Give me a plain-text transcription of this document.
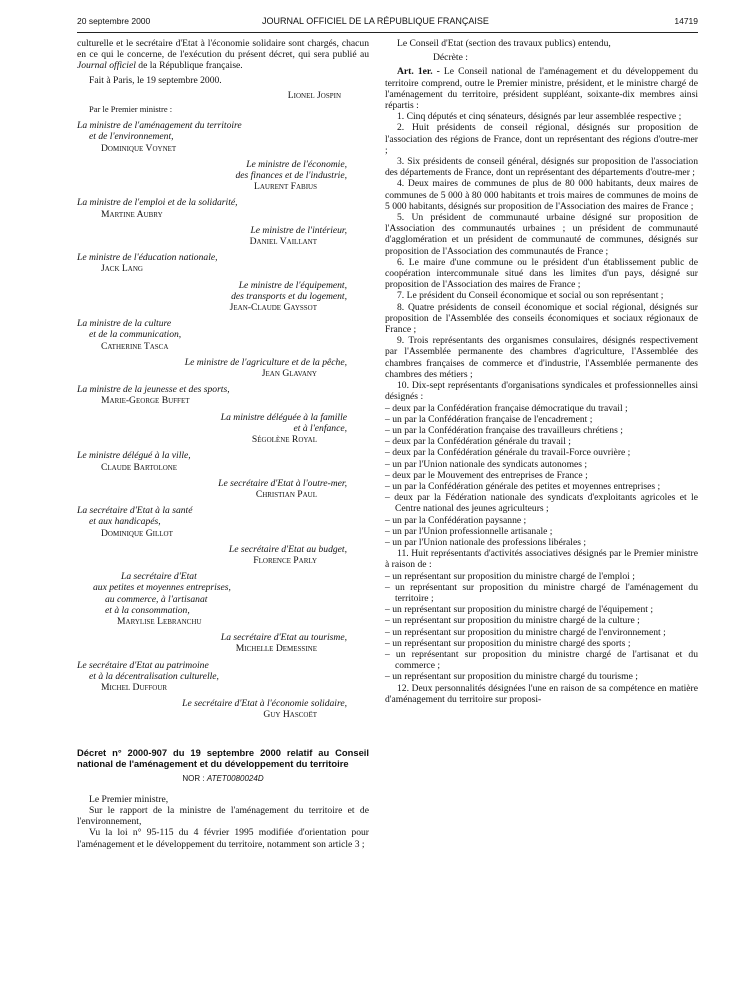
20 septembre 2000	JOURNAL OFFICIEL DE LA RÉPUBLIQUE FRANÇAISE	14719

culturelle et le secrétaire d'Etat à l'économie solidaire sont chargés, chacun en ce qui le concerne, de l'exécution du présent décret, qui sera publié au Journal officiel de la République française.

Fait à Paris, le 19 septembre 2000.

Lionel Jospin

Par le Premier ministre :

La ministre de l'aménagement du territoire
et de l'environnement,
Dominique Voynet
Le ministre de l'économie,
des finances et de l'industrie,
Laurent Fabius
La ministre de l'emploi et de la solidarité,
Martine Aubry
Le ministre de l'intérieur,
Daniel Vaillant
Le ministre de l'éducation nationale,
Jack Lang
Le ministre de l'équipement,
des transports et du logement,
Jean-Claude Gayssot
La ministre de la culture
et de la communication,
Catherine Tasca
Le ministre de l'agriculture et de la pêche,
Jean Glavany
La ministre de la jeunesse et des sports,
Marie-George Buffet
La ministre déléguée à la famille
et à l'enfance,
Ségolène Royal
Le ministre délégué à la ville,
Claude Bartolone
Le secrétaire d'Etat à l'outre-mer,
Christian Paul
La secrétaire d'Etat à la santé
et aux handicapés,
Dominique Gillot
Le secrétaire d'Etat au budget,
Florence Parly
La secrétaire d'Etat
aux petites et moyennes entreprises,
au commerce, à l'artisanat
et à la consommation,
Marylise Lebranchu
La secrétaire d'Etat au tourisme,
Michelle Demessine
Le secrétaire d'Etat au patrimoine
et à la décentralisation culturelle,
Michel Duffour
Le secrétaire d'Etat à l'économie solidaire,
Guy Hascoët

Décret n° 2000-907 du 19 septembre 2000 relatif au Conseil national de l'aménagement et du développement du territoire

NOR : ATET0080024D

Le Premier ministre,

Sur le rapport de la ministre de l'aménagement du territoire et de l'environnement,

Vu la loi n° 95-115 du 4 février 1995 modifiée d'orientation pour l'aménagement et le développement du territoire, notamment son article 3 ;

Le Conseil d'Etat (section des travaux publics) entendu,

Décrète :

Art. 1er. - Le Conseil national de l'aménagement et du développement du territoire comprend, outre le Premier ministre, président, et le ministre chargé de l'aménagement du territoire, président suppléant, soixante-dix membres ainsi répartis :

1. Cinq députés et cinq sénateurs, désignés par leur assemblée respective ;

2. Huit présidents de conseil régional, désignés sur proposition de l'association des régions de France, dont un représentant des régions d'outre-mer ;

3. Six présidents de conseil général, désignés sur proposition de l'association des départements de France, dont un représentant des départements d'outre-mer ;

4. Deux maires de communes de plus de 80 000 habitants, deux maires de communes de 5 000 à 80 000 habitants et trois maires de communes de moins de 5 000 habitants, désignés sur proposition de l'Association des maires de France ;

5. Un président de communauté urbaine désigné sur proposition de l'Association des communautés urbaines ; un président de communauté d'agglomération et un président de communauté de communes, désignés sur proposition de l'Association des communautés de France ;

6. Le maire d'une commune ou le président d'un établissement public de coopération intercommunale situé dans les limites d'un pays, désigné sur proposition de l'Association des maires de France ;

7. Le président du Conseil économique et social ou son représentant ;

8. Quatre présidents de conseil économique et social régional, désignés sur proposition de l'Assemblée des conseils économiques et sociaux régionaux de France ;

9. Trois représentants des organismes consulaires, désignés respectivement par l'Assemblée permanente des chambres d'agriculture, l'Assemblée des chambres françaises de commerce et d'industrie, l'Assemblée permanente des chambres des métiers ;

10. Dix-sept représentants d'organisations syndicales et professionnelles ainsi désignés :

– deux par la Confédération française démocratique du travail ;

– un par la Confédération française de l'encadrement ;

– un par la Confédération française des travailleurs chrétiens ;

– deux par la Confédération générale du travail ;

– deux par la Confédération générale du travail-Force ouvrière ;

– un par l'Union nationale des syndicats autonomes ;

– deux par le Mouvement des entreprises de France ;

– un par la Confédération générale des petites et moyennes entreprises ;

– deux par la Fédération nationale des syndicats d'exploitants agricoles et le Centre national des jeunes agriculteurs ;

– un par la Confédération paysanne ;

– un par l'Union professionnelle artisanale ;

– un par l'Union nationale des professions libérales ;

11. Huit représentants d'activités associatives désignés par le Premier ministre à raison de :

– un représentant sur proposition du ministre chargé de l'emploi ;

– un représentant sur proposition du ministre chargé de l'aménagement du territoire ;

– un représentant sur proposition du ministre chargé de l'équipement ;

– un représentant sur proposition du ministre chargé de la culture ;

– un représentant sur proposition du ministre chargé de l'environnement ;

– un représentant sur proposition du ministre chargé des sports ;

– un représentant sur proposition du ministre chargé de l'artisanat et du commerce ;

– un représentant sur proposition du ministre chargé du tourisme ;

12. Deux personnalités désignées l'une en raison de sa compétence en matière d'aménagement du territoire sur proposi-
